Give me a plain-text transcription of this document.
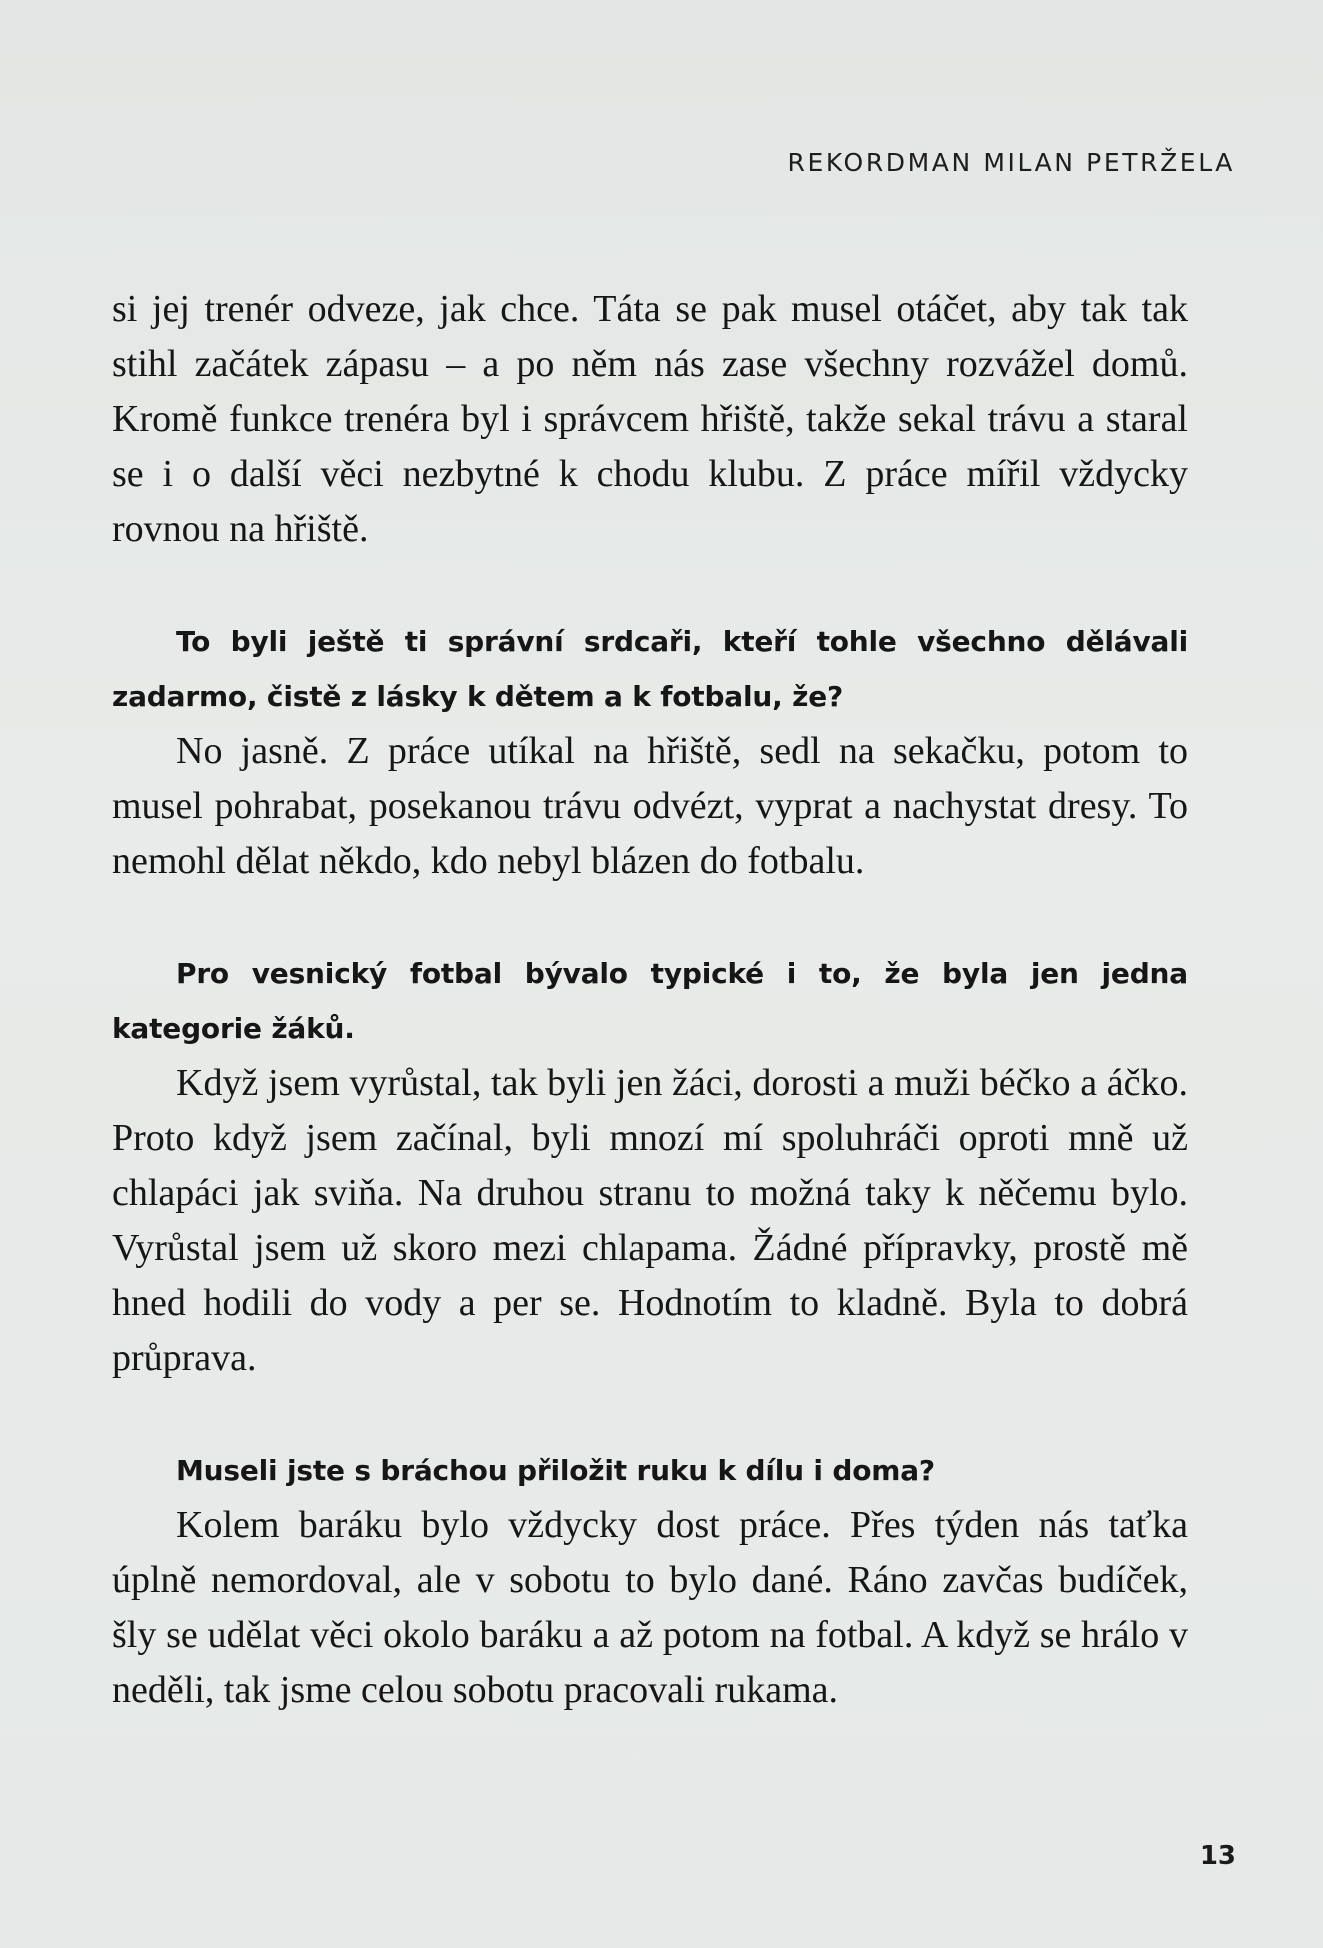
REKORDMAN MILAN PETRŽELA

si jej trenér odveze, jak chce. Táta se pak musel otáčet, aby tak tak stihl začátek zápasu – a po něm nás zase všechny rozvážel domů. Kromě funkce trenéra byl i správcem hřiště, takže sekal trávu a staral se i o další věci nezbytné k chodu klubu. Z práce mířil vždycky rovnou na hřiště.

To byli ještě ti správní srdcaři, kteří tohle všechno dělávali zadarmo, čistě z lásky k dětem a k fotbalu, že?

No jasně. Z práce utíkal na hřiště, sedl na sekačku, potom to musel pohrabat, posekanou trávu odvézt, vyprat a nachystat dresy. To nemohl dělat někdo, kdo nebyl blázen do fotbalu.

Pro vesnický fotbal bývalo typické i to, že byla jen jedna kategorie žáků.

Když jsem vyrůstal, tak byli jen žáci, dorosti a muži béčko a áčko. Proto když jsem začínal, byli mnozí mí spoluhráči oproti mně už chlapáci jak sviňa. Na druhou stranu to možná taky k něčemu bylo. Vyrůstal jsem už skoro mezi chlapama. Žádné přípravky, prostě mě hned hodili do vody a per se. Hodnotím to kladně. Byla to dobrá průprava.

Museli jste s bráchou přiložit ruku k dílu i doma?

Kolem baráku bylo vždycky dost práce. Přes týden nás taťka úplně nemordoval, ale v sobotu to bylo dané. Ráno zavčas budíček, šly se udělat věci okolo baráku a až potom na fotbal. A když se hrálo v neděli, tak jsme celou sobotu pracovali rukama.

13
